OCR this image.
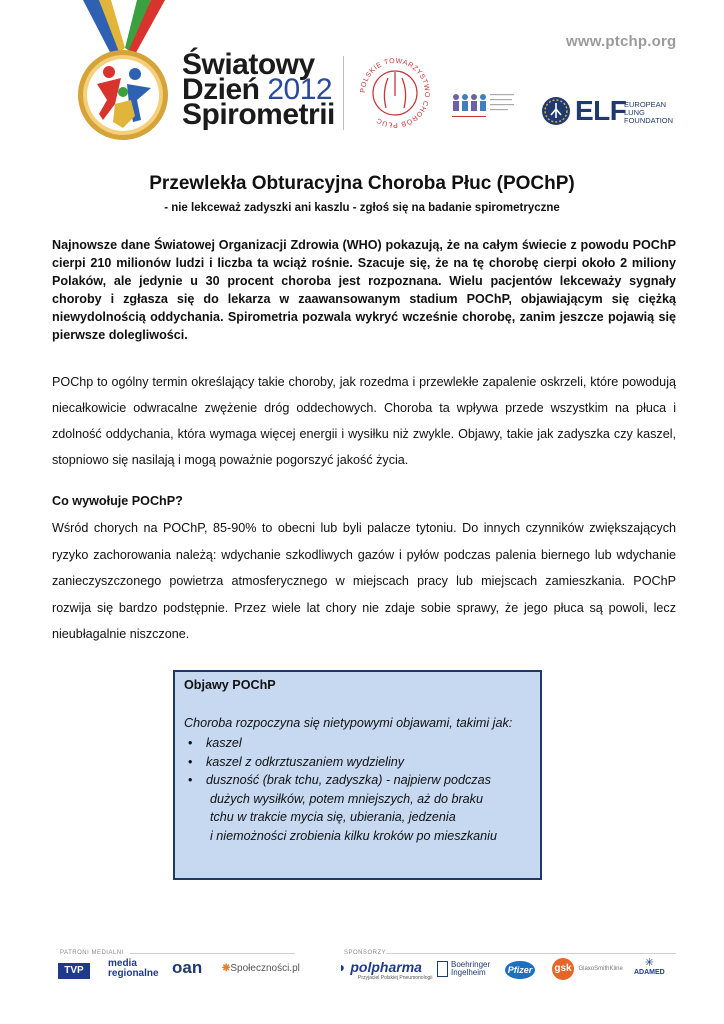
Światowy
Dzień 2012
Spirometrii
POLSKIE TOWARZYSTWO CHORÓB PŁUC	ELF
EUROPEAN
LUNG
FOUNDATION
www.ptchp.org
Przewlekła Obturacyjna Choroba Płuc (POChP)
- nie lekceważ zadyszki ani kaszlu - zgłoś się na badanie spirometryczne
Najnowsze dane Światowej Organizacji Zdrowia (WHO) pokazują, że na całym świecie z powodu POChP cierpi 210 milionów ludzi i liczba ta wciąż rośnie. Szacuje się, że na tę chorobę cierpi około 2 miliony Polaków, ale jedynie u 30 procent choroba jest rozpoznana. Wielu pacjentów lekceważy sygnały choroby i zgłasza się do lekarza w zaawansowanym stadium POChP, objawiającym się ciężką niewydolnością oddychania. Spirometria pozwala wykryć wcześnie chorobę, zanim jeszcze pojawią się pierwsze dolegliwości.
POChp to ogólny termin określający takie choroby, jak rozedma i przewlekłe zapalenie oskrzeli, które powodują niecałkowicie odwracalne zwężenie dróg oddechowych. Choroba ta wpływa przede wszystkim na płuca i zdolność oddychania, która wymaga więcej energii i wysiłku niż zwykle. Objawy, takie jak zadyszka czy kaszel, stopniowo się nasilają i mogą poważnie pogorszyć jakość życia.
Co wywołuje POChP?
Wśród chorych na POChP, 85-90% to obecni lub byli palacze tytoniu. Do innych czynników zwiększających ryzyko zachorowania należą: wdychanie szkodliwych gazów i pyłów podczas palenia biernego lub wdychanie zanieczyszczonego powietrza atmosferycznego w miejscach pracy lub miejscach zamieszkania. POChP rozwija się bardzo podstępnie. Przez wiele lat chory nie zdaje sobie sprawy, że jego płuca są powoli, lecz nieubłagalnie niszczone.
Objawy POChP
Choroba rozpoczyna się nietypowymi objawami, takimi jak:
• kaszel
• kaszel z odkrztuszaniem wydzieliny
• duszność (brak tchu, zadyszka) - najpierw podczas
dużych wysiłków, potem mniejszych, aż do braku
tchu w trakcie mycia się, ubierania, jedzenia
i niemożności zrobienia kilku kroków po mieszkaniu
PATRONI MEDIALNI	SPONSORZY
TVP
media
regionalne oan ❋Społeczności.pl	◗ polpharma
Przyjaciel Polskiej Pneumonologii
Boehringer
Ingelheim	Pfizer gsk GlaxoSmithKline	✳
ADAMED
